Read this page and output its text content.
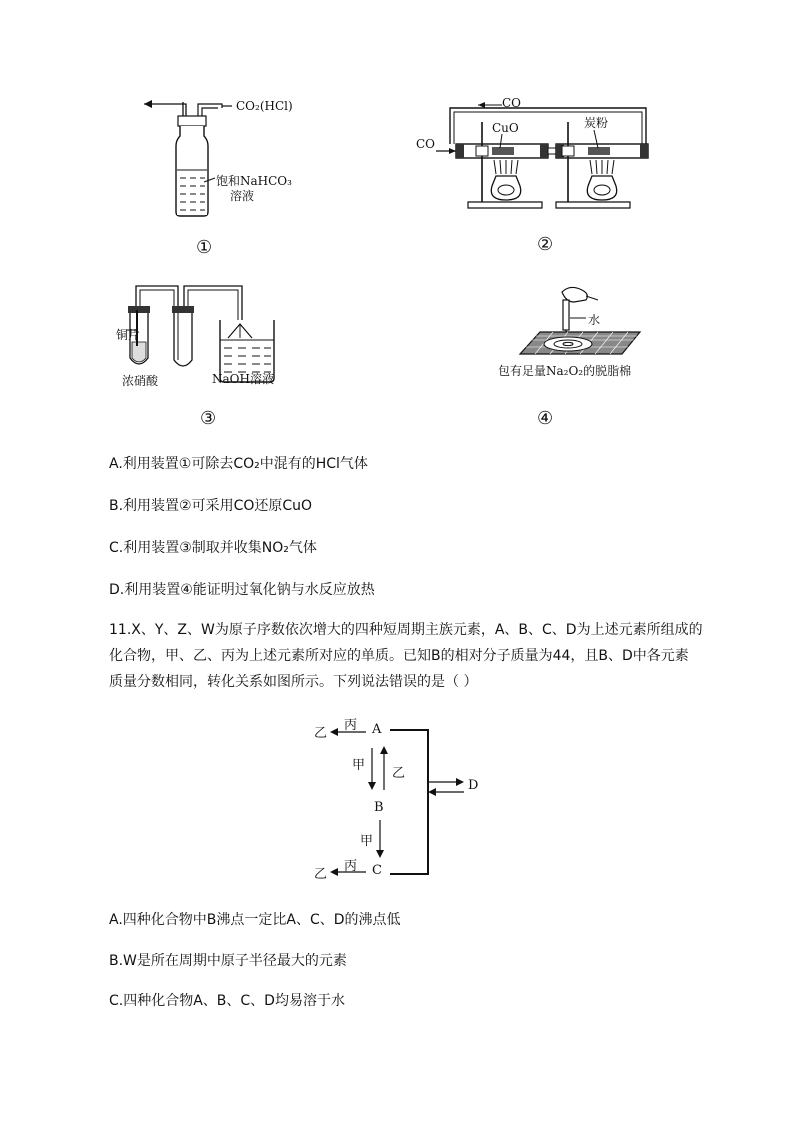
CO₂(HCl)
饱和NaHCO₃
溶液
①
CO
CO
CuO	炭粉
②
铜片
浓硝酸	NaOH溶液
③
水
包有足量Na₂O₂的脱脂棉
④
A.利用装置①可除去CO₂中混有的HCl气体
B.利用装置②可采用CO还原CuO
C.利用装置③制取并收集NO₂气体
D.利用装置④能证明过氧化钠与水反应放热
11.X、Y、Z、W为原子序数依次增大的四种短周期主族元素，A、B、C、D为上述元素所组成的
化合物，甲、乙、丙为上述元素所对应的单质。已知B的相对分子质量为44，且B、D中各元素
质量分数相同，转化关系如图所示。下列说法错误的是（ ）
乙
丙 A
甲
乙
B
甲
乙
丙 C
D
A.四种化合物中B沸点一定比A、C、D的沸点低
B.W是所在周期中原子半径最大的元素
C.四种化合物A、B、C、D均易溶于水
